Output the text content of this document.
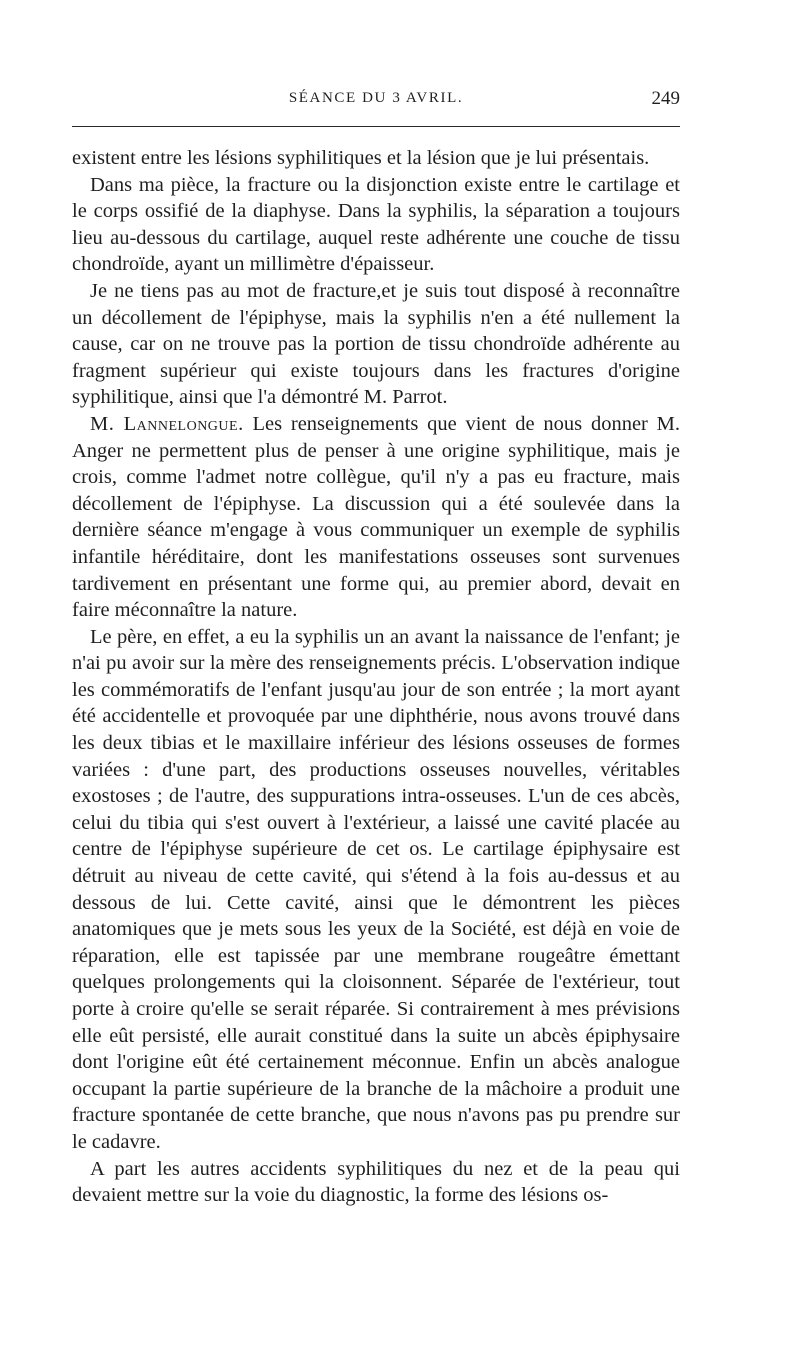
SÉANCE DU 3 AVRIL.	249

existent entre les lésions syphilitiques et la lésion que je lui présentais.

Dans ma pièce, la fracture ou la disjonction existe entre le cartilage et le corps ossifié de la diaphyse. Dans la syphilis, la séparation a toujours lieu au-dessous du cartilage, auquel reste adhérente une couche de tissu chondroïde, ayant un millimètre d'épaisseur.

Je ne tiens pas au mot de fracture,et je suis tout disposé à reconnaître un décollement de l'épiphyse, mais la syphilis n'en a été nullement la cause, car on ne trouve pas la portion de tissu chondroïde adhérente au fragment supérieur qui existe toujours dans les fractures d'origine syphilitique, ainsi que l'a démontré M. Parrot.

M. Lannelongue. Les renseignements que vient de nous donner M. Anger ne permettent plus de penser à une origine syphilitique, mais je crois, comme l'admet notre collègue, qu'il n'y a pas eu fracture, mais décollement de l'épiphyse. La discussion qui a été soulevée dans la dernière séance m'engage à vous communiquer un exemple de syphilis infantile héréditaire, dont les manifestations osseuses sont survenues tardivement en présentant une forme qui, au premier abord, devait en faire méconnaître la nature.

Le père, en effet, a eu la syphilis un an avant la naissance de l'enfant; je n'ai pu avoir sur la mère des renseignements précis. L'observation indique les commémoratifs de l'enfant jusqu'au jour de son entrée ; la mort ayant été accidentelle et provoquée par une diphthérie, nous avons trouvé dans les deux tibias et le maxillaire inférieur des lésions osseuses de formes variées : d'une part, des productions osseuses nouvelles, véritables exostoses ; de l'autre, des suppurations intra-osseuses. L'un de ces abcès, celui du tibia qui s'est ouvert à l'extérieur, a laissé une cavité placée au centre de l'épiphyse supérieure de cet os. Le cartilage épiphysaire est détruit au niveau de cette cavité, qui s'étend à la fois au-dessus et au dessous de lui. Cette cavité, ainsi que le démontrent les pièces anatomiques que je mets sous les yeux de la Société, est déjà en voie de réparation, elle est tapissée par une membrane rougeâtre émettant quelques prolongements qui la cloisonnent. Séparée de l'extérieur, tout porte à croire qu'elle se serait réparée. Si contrairement à mes prévisions elle eût persisté, elle aurait constitué dans la suite un abcès épiphysaire dont l'origine eût été certainement méconnue. Enfin un abcès analogue occupant la partie supérieure de la branche de la mâchoire a produit une fracture spontanée de cette branche, que nous n'avons pas pu prendre sur le cadavre.

A part les autres accidents syphilitiques du nez et de la peau qui devaient mettre sur la voie du diagnostic, la forme des lésions os-
